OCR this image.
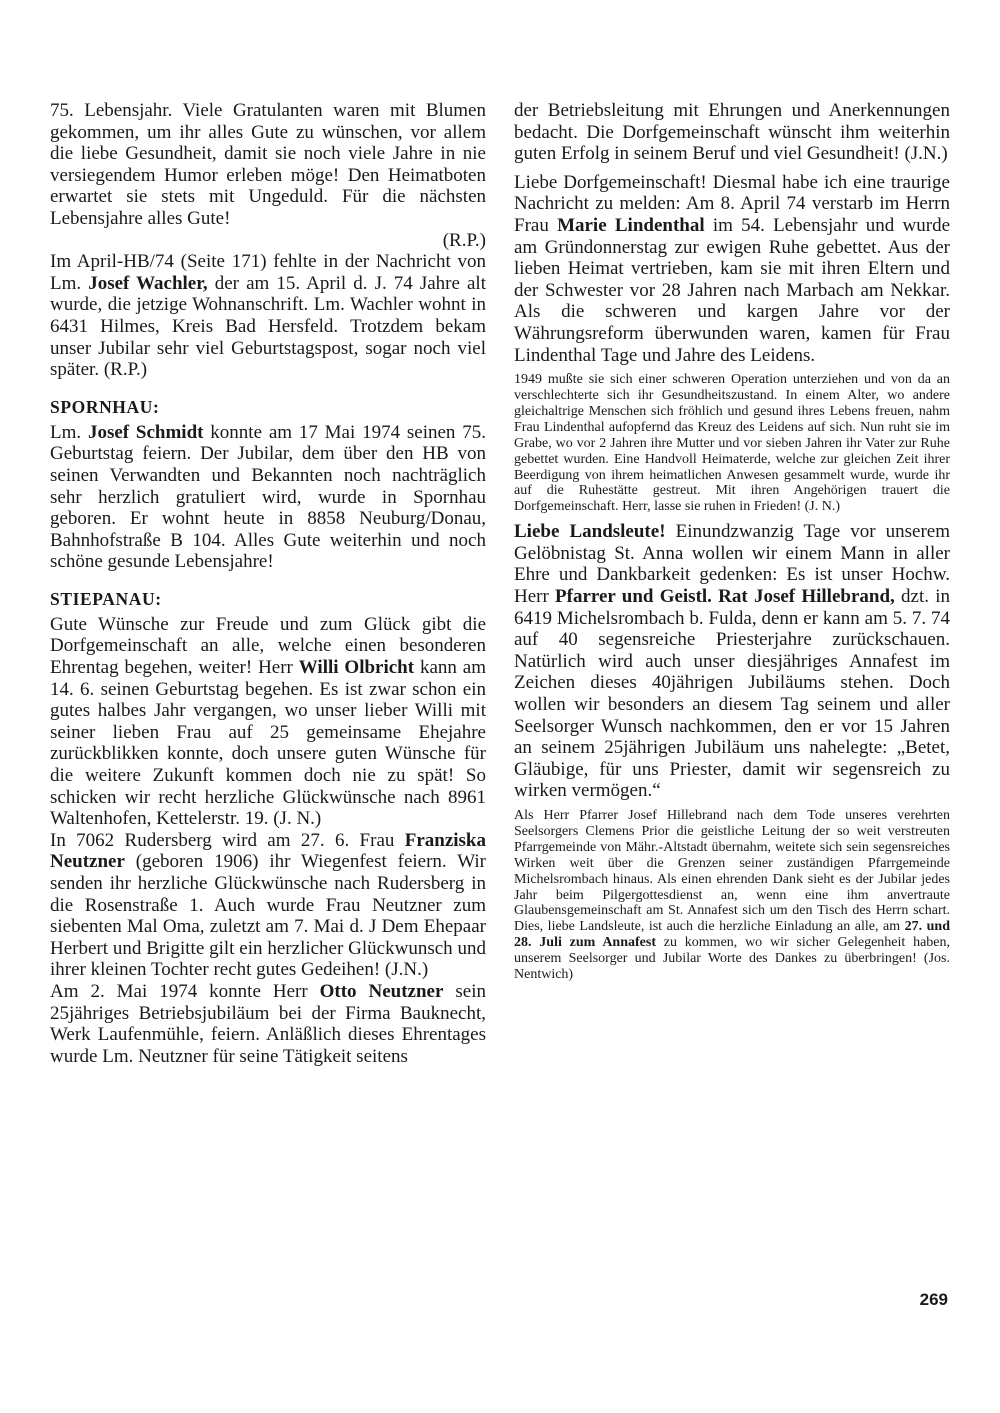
75. Lebensjahr. Viele Gratulanten waren mit Blumen gekommen, um ihr alles Gute zu wünschen, vor allem die liebe Gesundheit, damit sie noch viele Jahre in nie versiegendem Humor erleben möge! Den Heimatboten erwartet sie stets mit Ungeduld. Für die nächsten Lebensjahre alles Gute!

(R.P.)

Im April-HB/74 (Seite 171) fehlte in der Nachricht von Lm. Josef Wachler, der am 15. April d. J. 74 Jahre alt wurde, die jetzige Wohnanschrift. Lm. Wachler wohnt in 6431 Hilmes, Kreis Bad Hersfeld. Trotzdem bekam unser Jubilar sehr viel Geburtstagspost, sogar noch viel später. (R.P.)

SPORNHAU:

Lm. Josef Schmidt konnte am 17 Mai 1974 seinen 75. Geburtstag feiern. Der Jubilar, dem über den HB von seinen Verwandten und Bekannten noch nachträglich sehr herzlich gratuliert wird, wurde in Spornhau geboren. Er wohnt heute in 8858 Neuburg/Donau, Bahnhofstraße B 104. Alles Gute weiterhin und noch schöne gesunde Lebensjahre!

STIEPANAU:

Gute Wünsche zur Freude und zum Glück gibt die Dorfgemeinschaft an alle, welche einen besonderen Ehrentag begehen, weiter! Herr Willi Olbricht kann am 14. 6. seinen Geburtstag begehen. Es ist zwar schon ein gutes halbes Jahr vergangen, wo unser lieber Willi mit seiner lieben Frau auf 25 gemeinsame Ehejahre zurückblikken konnte, doch unsere guten Wünsche für die weitere Zukunft kommen doch nie zu spät! So schicken wir recht herzliche Glückwünsche nach 8961 Waltenhofen, Kettelerstr. 19. (J. N.)

In 7062 Rudersberg wird am 27. 6. Frau Franziska Neutzner (geboren 1906) ihr Wiegenfest feiern. Wir senden ihr herzliche Glückwünsche nach Rudersberg in die Rosenstraße 1. Auch wurde Frau Neutzner zum siebenten Mal Oma, zuletzt am 7. Mai d. J Dem Ehepaar Herbert und Brigitte gilt ein herzlicher Glückwunsch und ihrer kleinen Tochter recht gutes Gedeihen! (J.N.)

Am 2. Mai 1974 konnte Herr Otto Neutzner sein 25jähriges Betriebsjubiläum bei der Firma Bauknecht, Werk Laufenmühle, feiern. Anläßlich dieses Ehrentages wurde Lm. Neutzner für seine Tätigkeit seitens

der Betriebsleitung mit Ehrungen und Anerkennungen bedacht. Die Dorfgemeinschaft wünscht ihm weiterhin guten Erfolg in seinem Beruf und viel Gesundheit! (J.N.)

Liebe Dorfgemeinschaft! Diesmal habe ich eine traurige Nachricht zu melden: Am 8. April 74 verstarb im Herrn Frau Marie Lindenthal im 54. Lebensjahr und wurde am Gründonnerstag zur ewigen Ruhe gebettet. Aus der lieben Heimat vertrieben, kam sie mit ihren Eltern und der Schwester vor 28 Jahren nach Marbach am Nekkar. Als die schweren und kargen Jahre vor der Währungsreform überwunden waren, kamen für Frau Lindenthal Tage und Jahre des Leidens.

1949 mußte sie sich einer schweren Operation unterziehen und von da an verschlechterte sich ihr Gesundheitszustand. In einem Alter, wo andere gleichaltrige Menschen sich fröhlich und gesund ihres Lebens freuen, nahm Frau Lindenthal aufopfernd das Kreuz des Leidens auf sich. Nun ruht sie im Grabe, wo vor 2 Jahren ihre Mutter und vor sieben Jahren ihr Vater zur Ruhe gebettet wurden. Eine Handvoll Heimaterde, welche zur gleichen Zeit ihrer Beerdigung von ihrem heimatlichen Anwesen gesammelt wurde, wurde ihr auf die Ruhestätte gestreut. Mit ihren Angehörigen trauert die Dorfgemeinschaft. Herr, lasse sie ruhen in Frieden! (J. N.)

Liebe Landsleute! Einundzwanzig Tage vor unserem Gelöbnistag St. Anna wollen wir einem Mann in aller Ehre und Dankbarkeit gedenken: Es ist unser Hochw. Herr Pfarrer und Geistl. Rat Josef Hillebrand, dzt. in 6419 Michelsrombach b. Fulda, denn er kann am 5. 7. 74 auf 40 segensreiche Priesterjahre zurückschauen. Natürlich wird auch unser diesjähriges Annafest im Zeichen dieses 40jährigen Jubiläums stehen. Doch wollen wir besonders an diesem Tag seinem und aller Seelsorger Wunsch nachkommen, den er vor 15 Jahren an seinem 25jährigen Jubiläum uns nahelegte: „Betet, Gläubige, für uns Priester, damit wir segensreich zu wirken vermögen.“

Als Herr Pfarrer Josef Hillebrand nach dem Tode unseres verehrten Seelsorgers Clemens Prior die geistliche Leitung der so weit verstreuten Pfarrgemeinde von Mähr.-Altstadt übernahm, weitete sich sein segensreiches Wirken weit über die Grenzen seiner zuständigen Pfarrgemeinde Michelsrombach hinaus. Als einen ehrenden Dank sieht es der Jubilar jedes Jahr beim Pilgergottesdienst an, wenn eine ihm anvertraute Glaubensgemeinschaft am St. Annafest sich um den Tisch des Herrn schart. Dies, liebe Landsleute, ist auch die herzliche Einladung an alle, am 27. und 28. Juli zum Annafest zu kommen, wo wir sicher Gelegenheit haben, unserem Seelsorger und Jubilar Worte des Dankes zu überbringen! (Jos. Nentwich)

269
